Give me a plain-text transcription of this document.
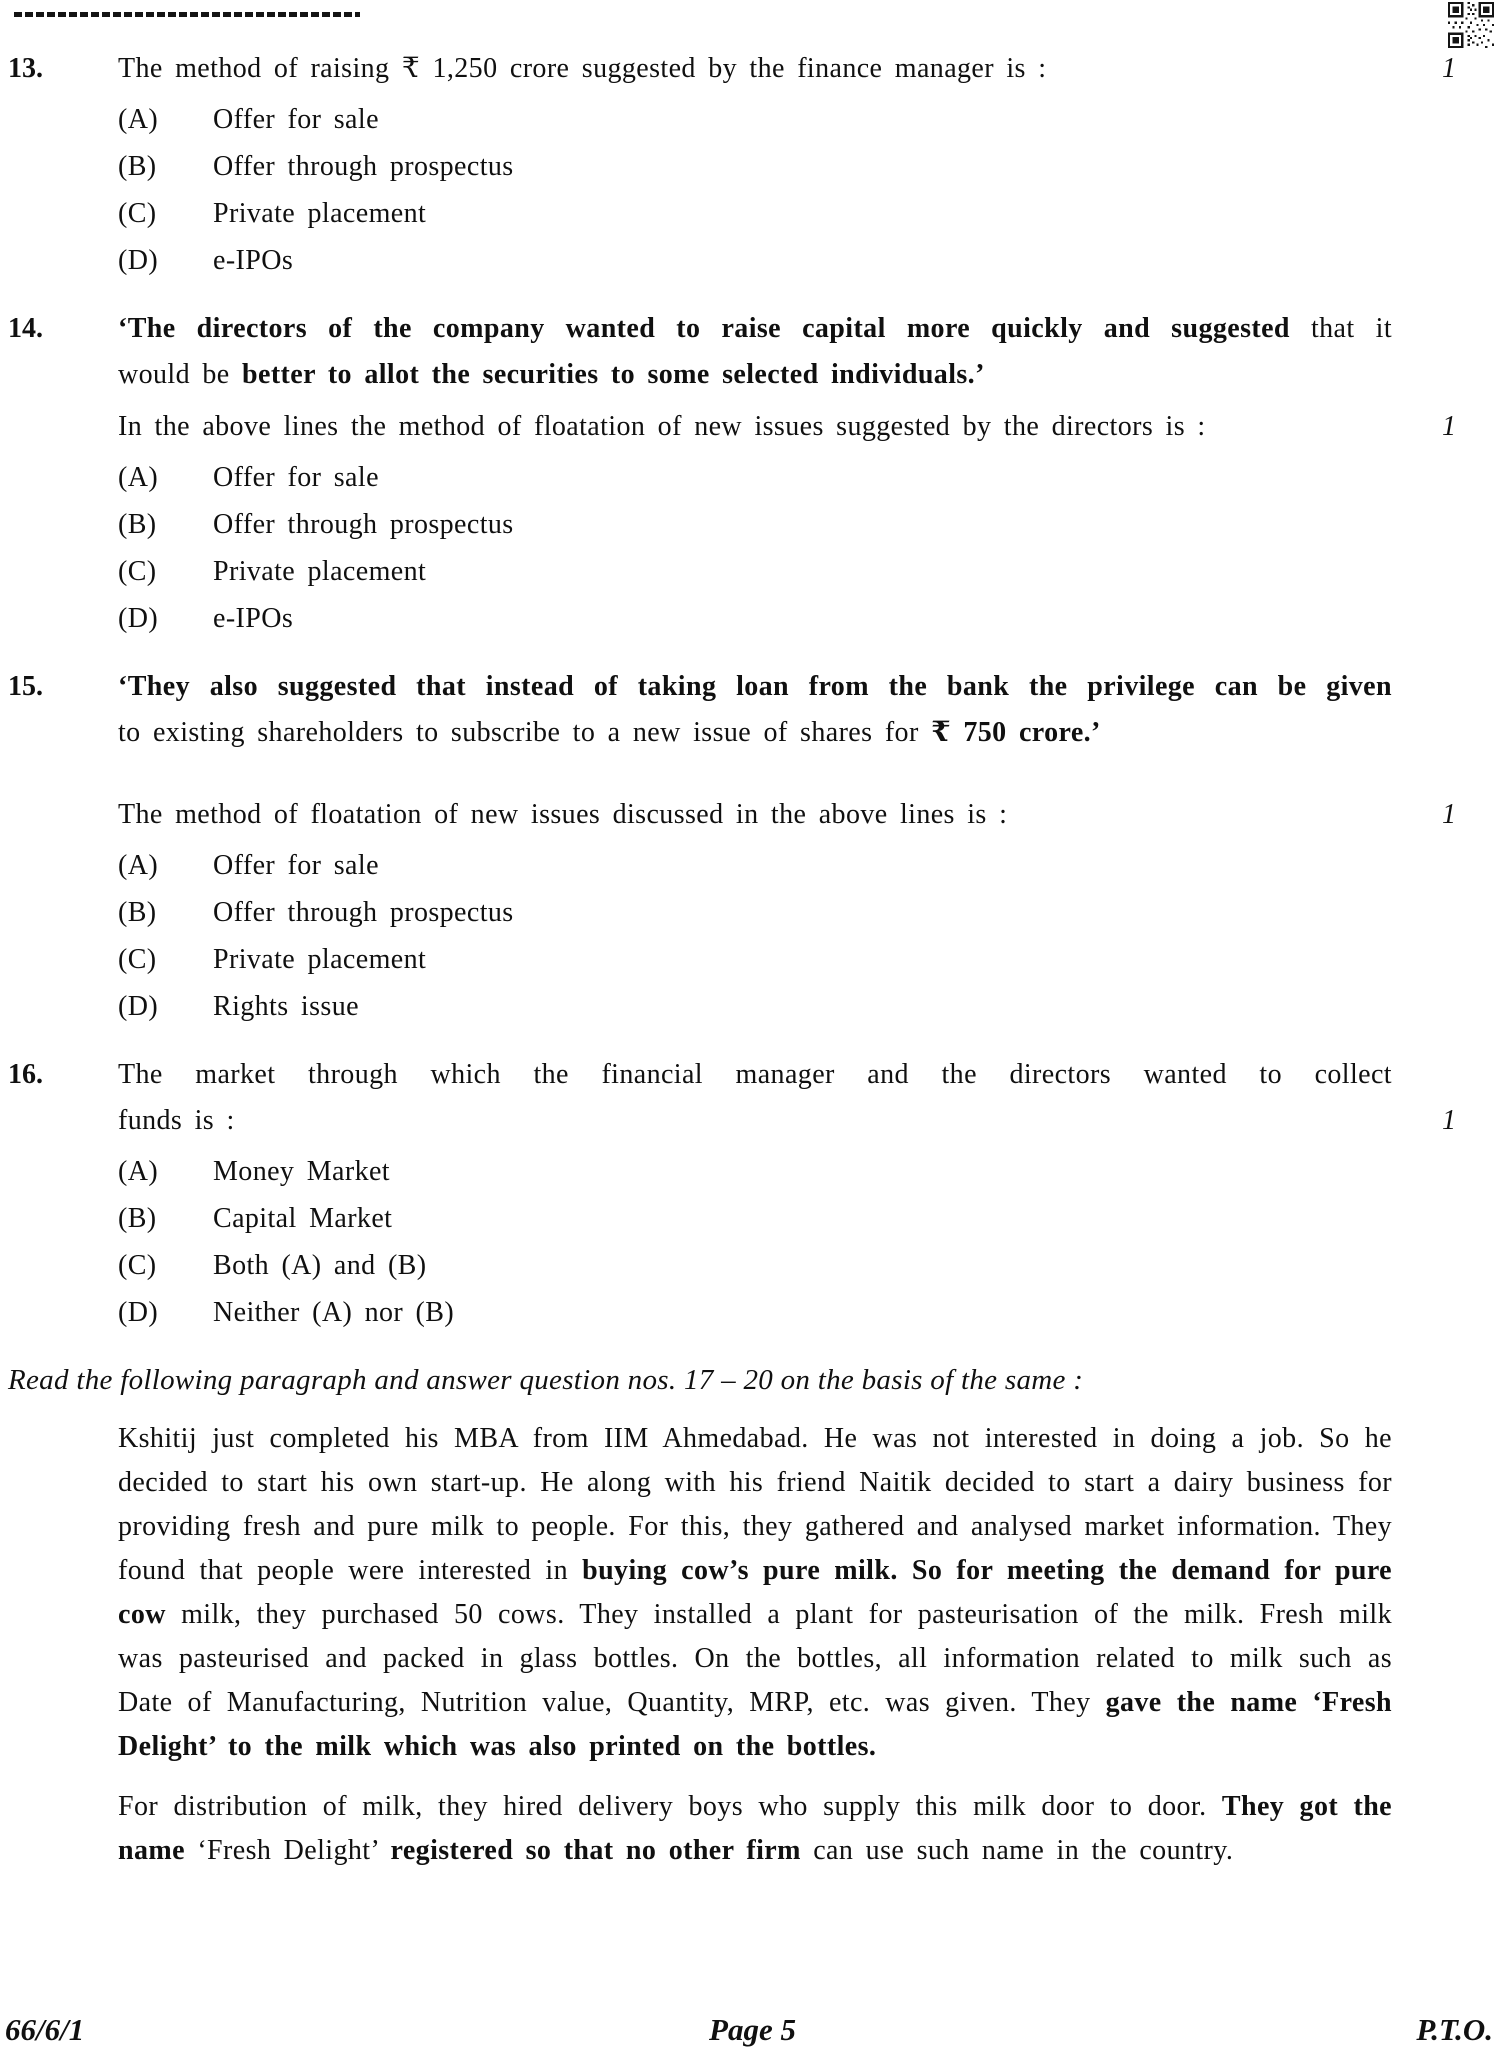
13.	The method of raising ₹ 1,250 crore suggested by the finance manager is :	1
(A)	Offer for sale
(B)	Offer through prospectus
(C)	Private placement
(D)	e-IPOs
14.	‘The directors of the company wanted to raise capital more quickly and suggested that it
would be better to allot the securities to some selected individuals.’
In the above lines the method of floatation of new issues suggested by the directors is :	1
(A)	Offer for sale
(B)	Offer through prospectus
(C)	Private placement
(D)	e-IPOs
15.	‘They also suggested that instead of taking loan from the bank the privilege can be given
to existing shareholders to subscribe to a new issue of shares for ₹ 750 crore.’
The method of floatation of new issues discussed in the above lines is :	1
(A)	Offer for sale
(B)	Offer through prospectus
(C)	Private placement
(D)	Rights issue
16.	The market through which the financial manager and the directors wanted to collect
funds is :	1
(A)	Money Market
(B)	Capital Market
(C)	Both (A) and (B)
(D)	Neither (A) nor (B)

Read the following paragraph and answer question nos. 17 – 20 on the basis of the same :

Kshitij just completed his MBA from IIM Ahmedabad. He was not interested in doing a job. So he decided to start his own start-up. He along with his friend Naitik decided to start a dairy business for providing fresh and pure milk to people. For this, they gathered and analysed market information. They found that people were interested in buying cow’s pure milk. So for meeting the demand for pure cow milk, they purchased 50 cows. They installed a plant for pasteurisation of the milk. Fresh milk was pasteurised and packed in glass bottles. On the bottles, all information related to milk such as Date of Manufacturing, Nutrition value, Quantity, MRP, etc. was given. They gave the name ‘Fresh Delight’ to the milk which was also printed on the bottles.

For distribution of milk, they hired delivery boys who supply this milk door to door. They got the name ‘Fresh Delight’ registered so that no other firm can use such name in the country.

66/6/1	Page 5	P.T.O.
